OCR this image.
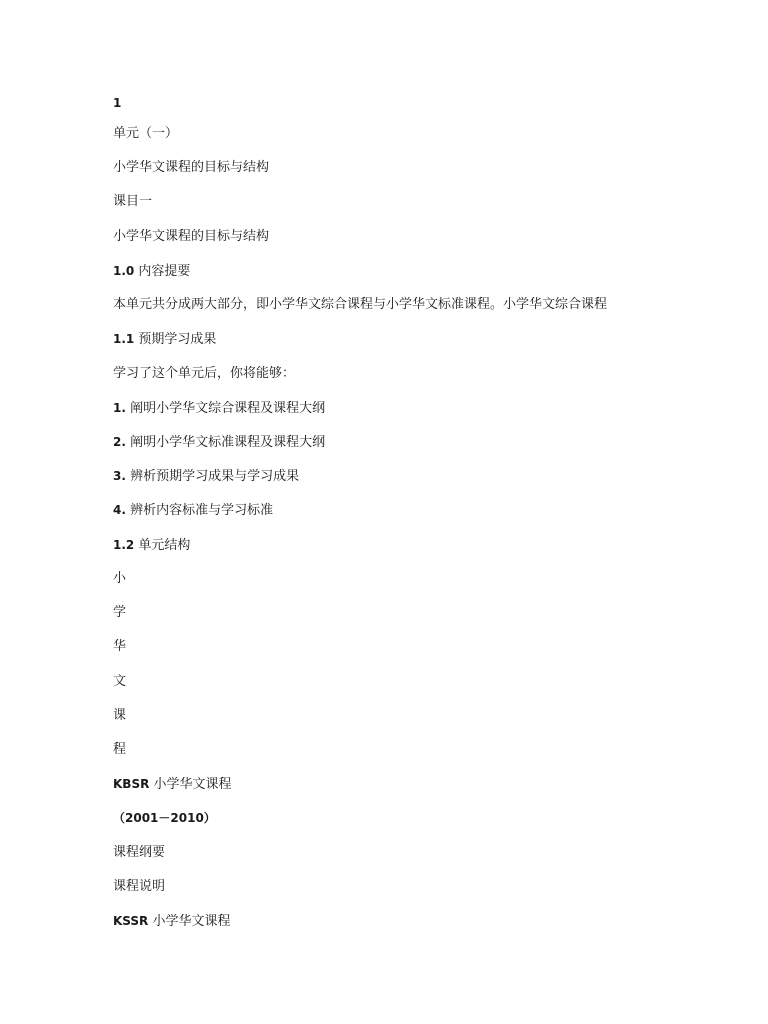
1
单元（一）
小学华文课程的目标与结构
课目一
小学华文课程的目标与结构
1.0 内容提要
本单元共分成两大部分，即小学华文综合课程与小学华文标准课程。小学华文综合课程
1.1 预期学习成果
学习了这个单元后，你将能够：
1. 阐明小学华文综合课程及课程大纲
2. 阐明小学华文标准课程及课程大纲
3. 辨析预期学习成果与学习成果
4. 辨析内容标准与学习标准
1.2 单元结构
小
学
华
文
课
程
KBSR 小学华文课程
（2001－2010）
课程纲要
课程说明
KSSR 小学华文课程
